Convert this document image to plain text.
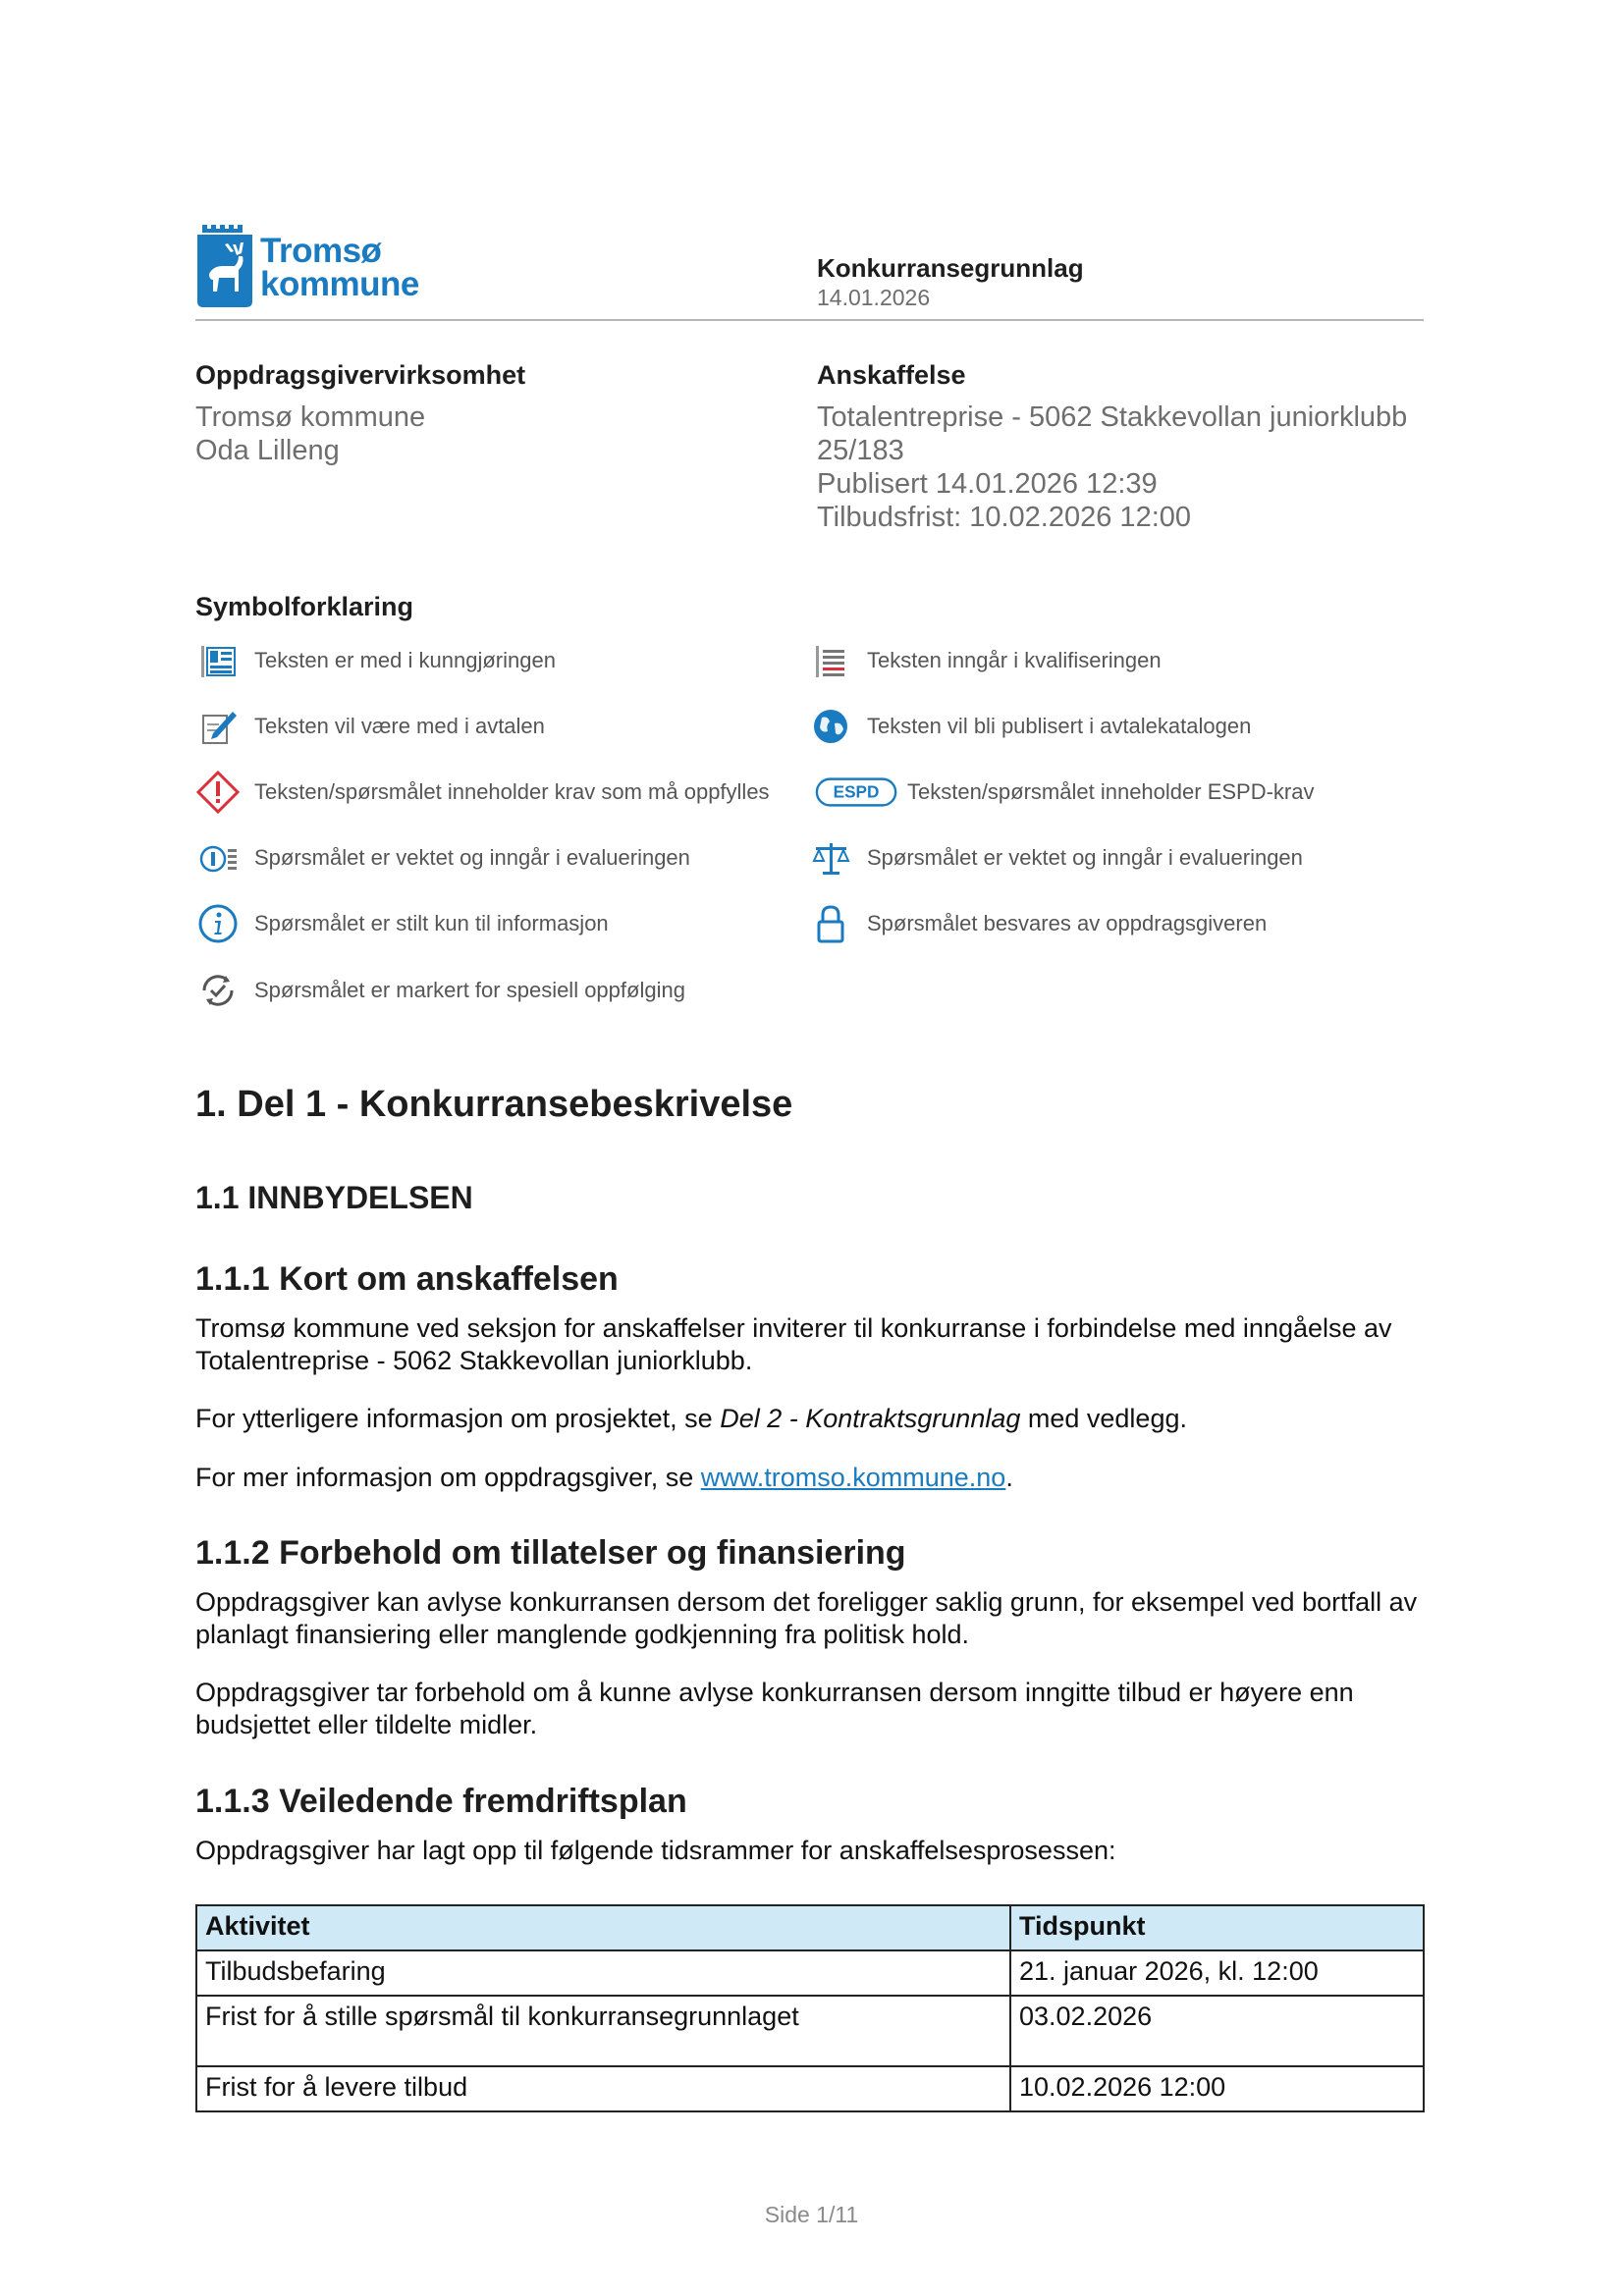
Tromsø
kommune	Konkurransegrunnlag
14.01.2026
Oppdragsgivervirksomhet
Tromsø kommune
Oda Lilleng
Anskaffelse
Totalentreprise - 5062 Stakkevollan juniorklubb
25/183
Publisert 14.01.2026 12:39
Tilbudsfrist: 10.02.2026 12:00
Symbolforklaring
Teksten er med i kunngjøringen	Teksten inngår i kvalifiseringen
Teksten vil være med i avtalen	Teksten vil bli publisert i avtalekatalogen
Teksten/spørsmålet inneholder krav som må oppfylles	ESPD Teksten/spørsmålet inneholder ESPD-krav
Spørsmålet er vektet og inngår i evalueringen	Spørsmålet er vektet og inngår i evalueringen
Spørsmålet er stilt kun til informasjon	Spørsmålet besvares av oppdragsgiveren
Spørsmålet er markert for spesiell oppfølging
1. Del 1 - Konkurransebeskrivelse
1.1 INNBYDELSEN
1.1.1 Kort om anskaffelsen

Tromsø kommune ved seksjon for anskaffelser inviterer til konkurranse i forbindelse med inngåelse av Totalentreprise - 5062 Stakkevollan juniorklubb.

For ytterligere informasjon om prosjektet, se Del 2 - Kontraktsgrunnlag med vedlegg.

For mer informasjon om oppdragsgiver, se www.tromso.kommune.no.

1.1.2 Forbehold om tillatelser og finansiering

Oppdragsgiver kan avlyse konkurransen dersom det foreligger saklig grunn, for eksempel ved bortfall av planlagt finansiering eller manglende godkjenning fra politisk hold.

Oppdragsgiver tar forbehold om å kunne avlyse konkurransen dersom inngitte tilbud er høyere enn budsjettet eller tildelte midler.

1.1.3 Veiledende fremdriftsplan

Oppdragsgiver har lagt opp til følgende tidsrammer for anskaffelsesprosessen:

Aktivitet	Tidspunkt
Tilbudsbefaring	21. januar 2026, kl. 12:00
Frist for å stille spørsmål til konkurransegrunnlaget	03.02.2026
Frist for å levere tilbud	10.02.2026 12:00
Side 1/11
